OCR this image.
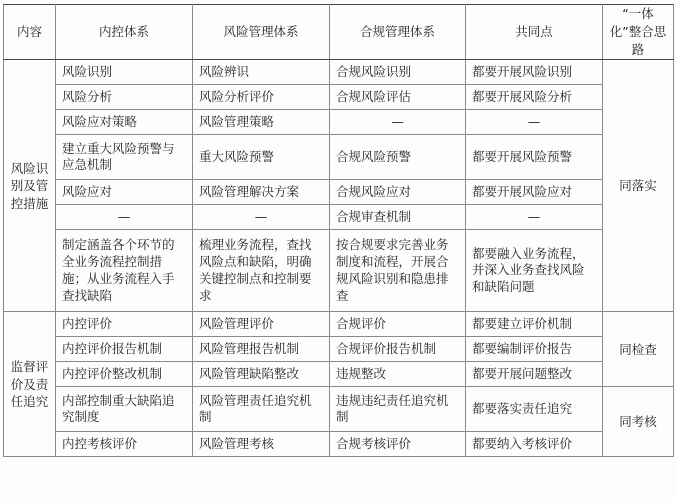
内容	内控体系	风险管理体系	合规管理体系	共同点	“一体化”整合思路
风险识别及管控措施	风险识别	风险辨识	合规风险识别	都要开展风险识别	同落实
	风险分析	风险分析评价	合规风险评估	都要开展风险分析	
	风险应对策略	风险管理策略	—	—	
	建立重大风险预警与应急机制	重大风险预警	合规风险预警	都要开展风险预警	
	风险应对	风险管理解决方案	合规风险应对	都要开展风险应对	
	—	—	合规审查机制	—	
	制定涵盖各个环节的全业务流程控制措施；从业务流程入手查找缺陷	梳理业务流程，查找风险点和缺陷，明确关键控制点和控制要求	按合规要求完善业务制度和流程，开展合规风险识别和隐患排查	都要融入业务流程，并深入业务查找风险和缺陷问题	
监督评价及责任追究	内控评价	风险管理评价	合规评价	都要建立评价机制	同检查
	内控评价报告机制	风险管理报告机制	合规评价报告机制	都要编制评价报告	
	内控评价整改机制	风险管理缺陷整改	违规整改	都要开展问题整改	
	内部控制重大缺陷追究制度	风险管理责任追究机制	违规违纪责任追究机制	都要落实责任追究	同考核
	内控考核评价	风险管理考核	合规考核评价	都要纳入考核评价	
